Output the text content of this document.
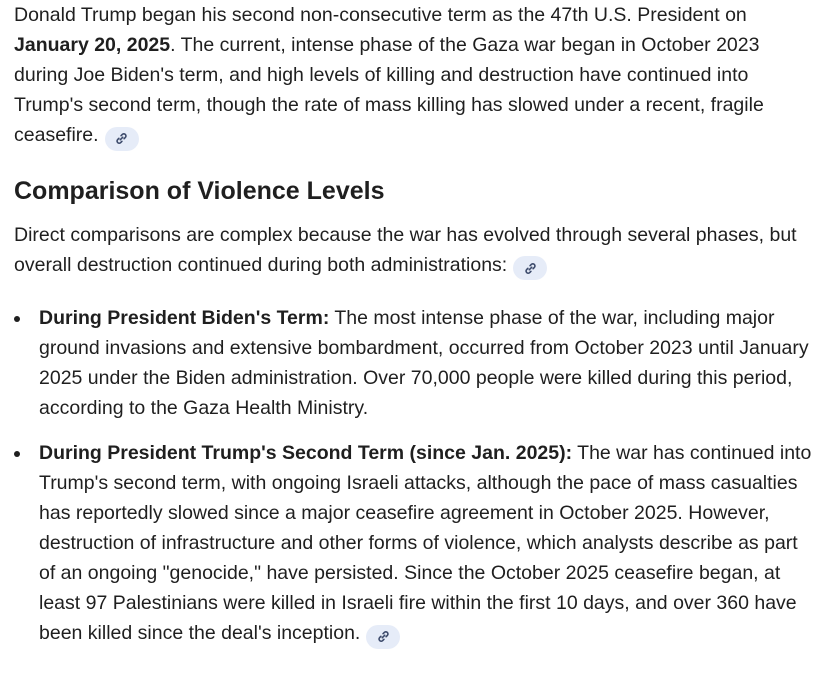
Donald Trump began his second non-consecutive term as the 47th U.S. President on January 20, 2025. The current, intense phase of the Gaza war began in October 2023 during Joe Biden's term, and high levels of killing and destruction have continued into Trump's second term, though the rate of mass killing has slowed under a recent, fragile ceasefire.

Comparison of Violence Levels

Direct comparisons are complex because the war has evolved through several phases, but overall destruction continued during both administrations:

During President Biden's Term: The most intense phase of the war, including major ground invasions and extensive bombardment, occurred from October 2023 until January 2025 under the Biden administration. Over 70,000 people were killed during this period, according to the Gaza Health Ministry.
During President Trump's Second Term (since Jan. 2025): The war has continued into Trump's second term, with ongoing Israeli attacks, although the pace of mass casualties has reportedly slowed since a major ceasefire agreement in October 2025. However, destruction of infrastructure and other forms of violence, which analysts describe as part of an ongoing "genocide," have persisted. Since the October 2025 ceasefire began, at least 97 Palestinians were killed in Israeli fire within the first 10 days, and over 360 have been killed since the deal's inception.
